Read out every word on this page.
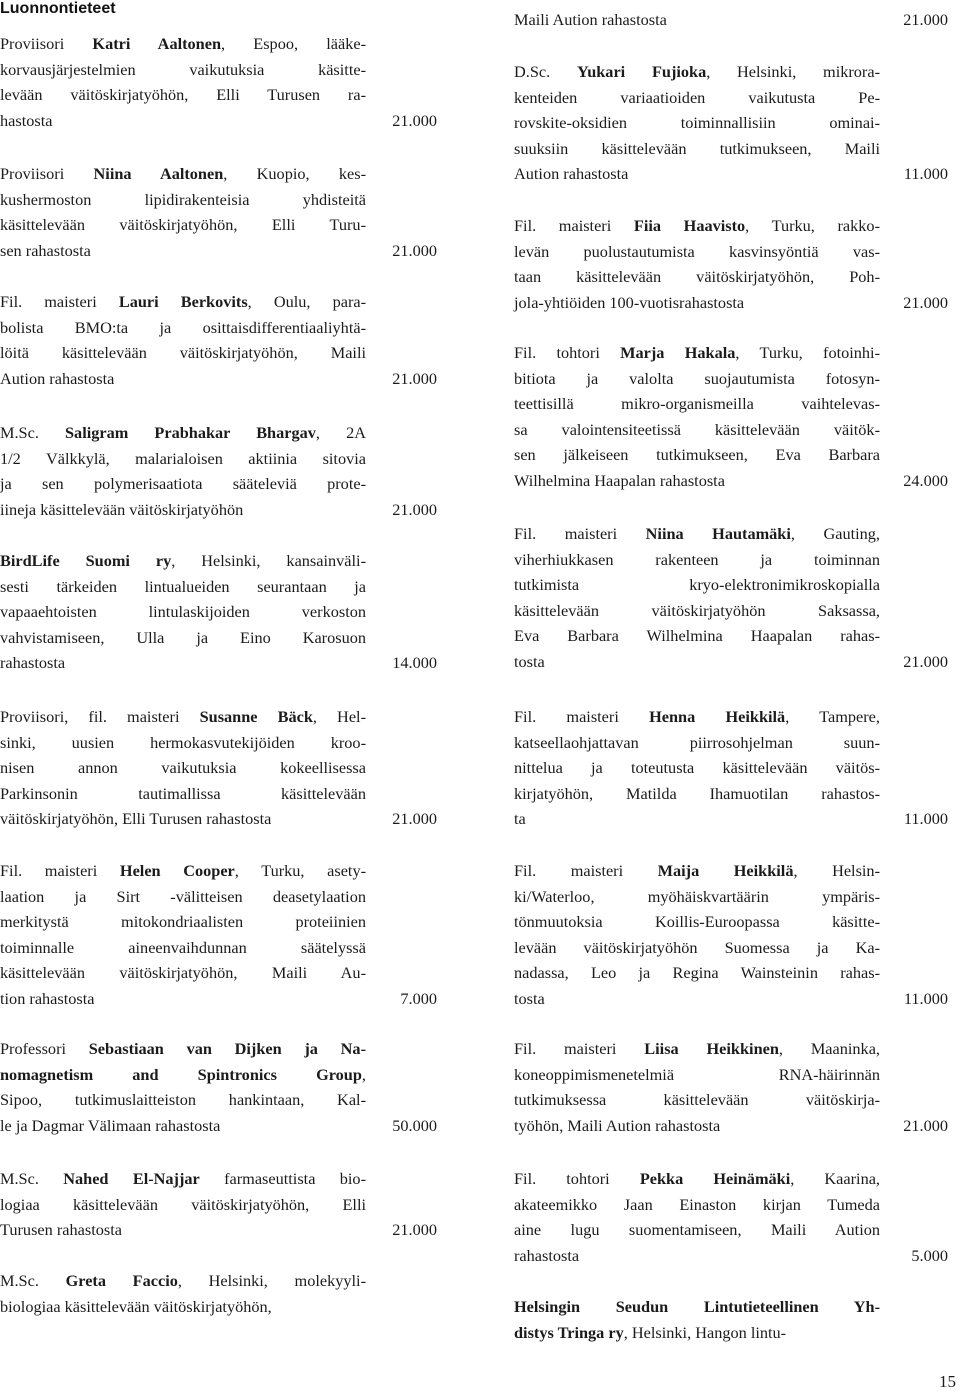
Luonnontieteet
Proviisori Katri Aaltonen, Espoo, lääke-
korvausjärjestelmien vaikutuksia käsitte-
levään väitöskirjatyöhön, Elli Turusen ra-
hastosta	21.000
Proviisori Niina Aaltonen, Kuopio, kes-
kushermoston lipidirakenteisia yhdisteitä
käsittelevään väitöskirjatyöhön, Elli Turu-
sen rahastosta	21.000
Fil. maisteri Lauri Berkovits, Oulu, para-
bolista BMO:ta ja osittaisdifferentiaaliyhtä-
löitä käsittelevään väitöskirjatyöhön, Maili
Aution rahastosta	21.000
M.Sc. Saligram Prabhakar Bhargav, 2A
1/2 Välkkylä, malarialoisen aktiinia sitovia
ja sen polymerisaatiota sääteleviä prote-
iineja käsittelevään väitöskirjatyöhön	21.000
BirdLife Suomi ry, Helsinki, kansainväli-
sesti tärkeiden lintualueiden seurantaan ja
vapaaehtoisten lintulaskijoiden verkoston
vahvistamiseen, Ulla ja Eino Karosuon
rahastosta	14.000
Proviisori, fil. maisteri Susanne Bäck, Hel-
sinki, uusien hermokasvutekijöiden kroo-
nisen annon vaikutuksia kokeellisessa
Parkinsonin tautimallissa käsittelevään
väitöskirjatyöhön, Elli Turusen rahastosta	21.000
Fil. maisteri Helen Cooper, Turku, asety-
laation ja Sirt -välitteisen deasetylaation
merkitystä mitokondriaalisten proteiinien
toiminnalle aineenvaihdunnan säätelyssä
käsittelevään väitöskirjatyöhön, Maili Au-
tion rahastosta	7.000
Professori Sebastiaan van Dijken ja Na-
nomagnetism and Spintronics Group,
Sipoo, tutkimuslaitteiston hankintaan, Kal-
le ja Dagmar Välimaan rahastosta	50.000
M.Sc. Nahed El-Najjar farmaseuttista bio-
logiaa käsittelevään väitöskirjatyöhön, Elli
Turusen rahastosta	21.000
M.Sc. Greta Faccio, Helsinki, molekyyli-
biologiaa käsittelevään väitöskirjatyöhön,
Maili Aution rahastosta	21.000
D.Sc. Yukari Fujioka, Helsinki, mikrora-
kenteiden variaatioiden vaikutusta Pe-
rovskite-oksidien toiminnallisiin ominai-
suuksiin käsittelevään tutkimukseen, Maili
Aution rahastosta	11.000
Fil. maisteri Fiia Haavisto, Turku, rakko-
levän puolustautumista kasvinsyöntiä vas-
taan käsittelevään väitöskirjatyöhön, Poh-
jola-yhtiöiden 100-vuotisrahastosta	21.000
Fil. tohtori Marja Hakala, Turku, fotoinhi-
bitiota ja valolta suojautumista fotosyn-
teettisillä mikro-organismeilla vaihtelevas-
sa valointensiteetissä käsittelevään väitök-
sen jälkeiseen tutkimukseen, Eva Barbara
Wilhelmina Haapalan rahastosta	24.000
Fil. maisteri Niina Hautamäki, Gauting,
viherhiukkasen rakenteen ja toiminnan
tutkimista kryo-elektronimikroskopialla
käsittelevään väitöskirjatyöhön Saksassa,
Eva Barbara Wilhelmina Haapalan rahas-
tosta	21.000
Fil. maisteri Henna Heikkilä, Tampere,
katseellaohjattavan piirrosohjelman suun-
nittelua ja toteutusta käsittelevään väitös-
kirjatyöhön, Matilda Ihamuotilan rahastos-
ta	11.000
Fil. maisteri Maija Heikkilä, Helsin-
ki/Waterloo, myöhäiskvartäärin ympäris-
tönmuutoksia Koillis-Euroopassa käsitte-
levään väitöskirjatyöhön Suomessa ja Ka-
nadassa, Leo ja Regina Wainsteinin rahas-
tosta	11.000
Fil. maisteri Liisa Heikkinen, Maaninka,
koneoppimismenetelmiä RNA-häirinnän
tutkimuksessa käsittelevään väitöskirja-
työhön, Maili Aution rahastosta	21.000
Fil. tohtori Pekka Heinämäki, Kaarina,
akateemikko Jaan Einaston kirjan Tumeda
aine lugu suomentamiseen, Maili Aution
rahastosta	5.000
Helsingin Seudun Lintutieteellinen Yh-
distys Tringa ry, Helsinki, Hangon lintu-
15
